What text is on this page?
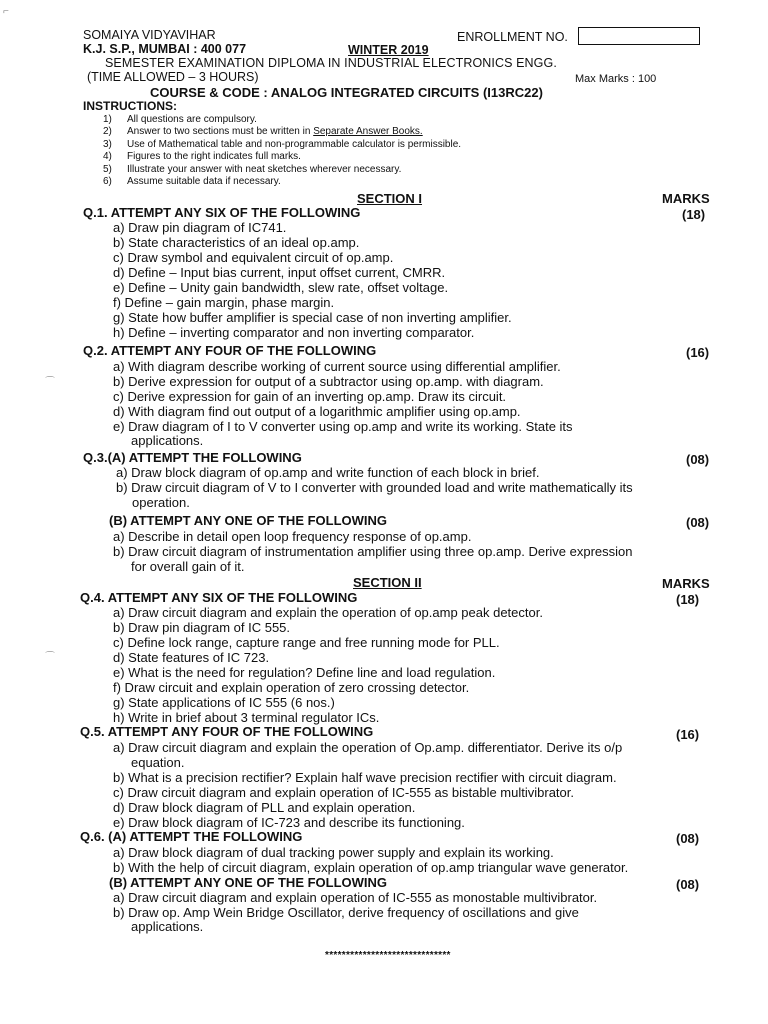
SOMAIYA VIDYAVIHAR	ENROLLMENT NO.
K.J. S.P., MUMBAI : 400 077	WINTER 2019
SEMESTER EXAMINATION DIPLOMA IN INDUSTRIAL ELECTRONICS ENGG.
(TIME ALLOWED – 3 HOURS)	Max Marks : 100
COURSE & CODE : ANALOG INTEGRATED CIRCUITS (I13RC22)
INSTRUCTIONS:
1) All questions are compulsory.
2) Answer to two sections must be written in Separate Answer Books.
3) Use of Mathematical table and non-programmable calculator is permissible.
4) Figures to the right indicates full marks.
5) Illustrate your answer with neat sketches wherever necessary.
6) Assume suitable data if necessary.
SECTION I	MARKS
Q.1. ATTEMPT ANY SIX OF THE FOLLOWING	(18)
a) Draw pin diagram of IC741.
b) State characteristics of an ideal op.amp.
c) Draw symbol and equivalent circuit of op.amp.
d) Define – Input bias current, input offset current, CMRR.
e) Define – Unity gain bandwidth, slew rate, offset voltage.
f) Define – gain margin, phase margin.
g) State how buffer amplifier is special case of non inverting amplifier.
h) Define – inverting comparator and non inverting comparator.
Q.2. ATTEMPT ANY FOUR OF THE FOLLOWING	(16)
a) With diagram describe working of current source using differential amplifier.
b) Derive expression for output of a subtractor using op.amp. with diagram.
c) Derive expression for gain of an inverting op.amp. Draw its circuit.
d) With diagram find out output of a logarithmic amplifier using op.amp.
e) Draw diagram of I to V converter using op.amp and write its working. State its
applications.
Q.3.(A) ATTEMPT THE FOLLOWING	(08)
a) Draw block diagram of op.amp and write function of each block in brief.
b) Draw circuit diagram of V to I converter with grounded load and write mathematically its
operation.
(B) ATTEMPT ANY ONE OF THE FOLLOWING	(08)
a) Describe in detail open loop frequency response of op.amp.
b) Draw circuit diagram of instrumentation amplifier using three op.amp. Derive expression
for overall gain of it.
SECTION II	MARKS
Q.4. ATTEMPT ANY SIX OF THE FOLLOWING	(18)
a) Draw circuit diagram and explain the operation of op.amp peak detector.
b) Draw pin diagram of IC 555.
c) Define lock range, capture range and free running mode for PLL.
d) State features of IC 723.
e) What is the need for regulation? Define line and load regulation.
f) Draw circuit and explain operation of zero crossing detector.
g) State applications of IC 555 (6 nos.)
h) Write in brief about 3 terminal regulator ICs.
Q.5. ATTEMPT ANY FOUR OF THE FOLLOWING	(16)
a) Draw circuit diagram and explain the operation of Op.amp. differentiator. Derive its o/p
equation.
b) What is a precision rectifier? Explain half wave precision rectifier with circuit diagram.
c) Draw circuit diagram and explain operation of IC-555 as bistable multivibrator.
d) Draw block diagram of PLL and explain operation.
e) Draw block diagram of IC-723 and describe its functioning.
Q.6. (A) ATTEMPT THE FOLLOWING	(08)
a) Draw block diagram of dual tracking power supply and explain its working.
b) With the help of circuit diagram, explain operation of op.amp triangular wave generator.
(B) ATTEMPT ANY ONE OF THE FOLLOWING	(08)
a) Draw circuit diagram and explain operation of IC-555 as monostable multivibrator.
b) Draw op. Amp Wein Bridge Oscillator, derive frequency of oscillations and give
applications.
******************************
⌐
⌒
⌒
